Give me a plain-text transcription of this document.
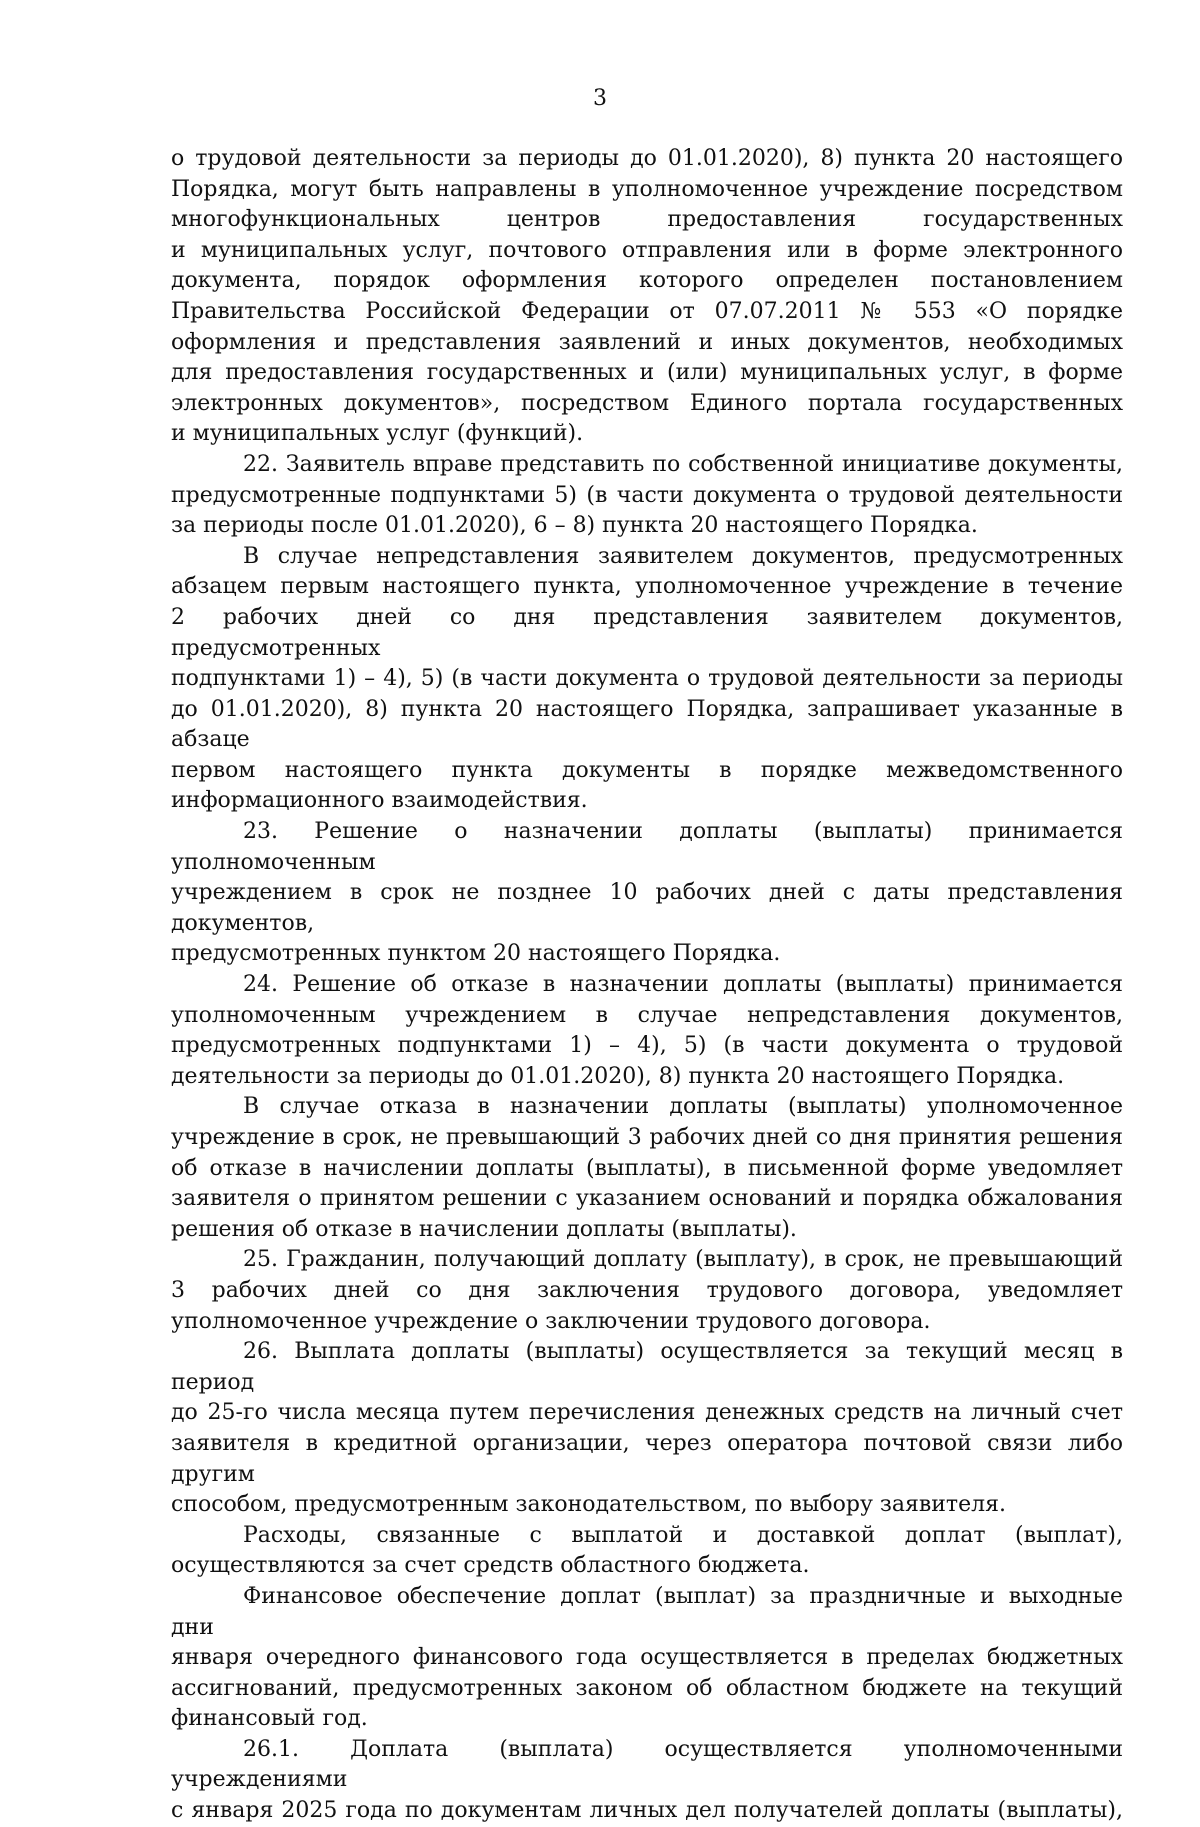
3
о трудовой деятельности за периоды до 01.01.2020), 8) пункта 20 настоящего
Порядка, могут быть направлены в уполномоченное учреждение посредством
многофункциональных центров предоставления государственных
и муниципальных услуг, почтового отправления или в форме электронного
документа, порядок оформления которого определен постановлением
Правительства Российской Федерации от 07.07.2011 № 553 «О порядке
оформления и представления заявлений и иных документов, необходимых
для предоставления государственных и (или) муниципальных услуг, в форме
электронных документов», посредством Единого портала государственных
и муниципальных услуг (функций).
22. Заявитель вправе представить по собственной инициативе документы,
предусмотренные подпунктами 5) (в части документа о трудовой деятельности
за периоды после 01.01.2020), 6 – 8) пункта 20 настоящего Порядка.
В случае непредставления заявителем документов, предусмотренных
абзацем первым настоящего пункта, уполномоченное учреждение в течение
2 рабочих дней со дня представления заявителем документов, предусмотренных
подпунктами 1) – 4), 5) (в части документа о трудовой деятельности за периоды
до 01.01.2020), 8) пункта 20 настоящего Порядка, запрашивает указанные в абзаце
первом настоящего пункта документы в порядке межведомственного
информационного взаимодействия.
23. Решение о назначении доплаты (выплаты) принимается уполномоченным
учреждением в срок не позднее 10 рабочих дней с даты представления документов,
предусмотренных пунктом 20 настоящего Порядка.
24. Решение об отказе в назначении доплаты (выплаты) принимается
уполномоченным учреждением в случае непредставления документов,
предусмотренных подпунктами 1) – 4), 5) (в части документа о трудовой
деятельности за периоды до 01.01.2020), 8) пункта 20 настоящего Порядка.
В случае отказа в назначении доплаты (выплаты) уполномоченное
учреждение в срок, не превышающий 3 рабочих дней со дня принятия решения
об отказе в начислении доплаты (выплаты), в письменной форме уведомляет
заявителя о принятом решении с указанием оснований и порядка обжалования
решения об отказе в начислении доплаты (выплаты).
25. Гражданин, получающий доплату (выплату), в срок, не превышающий
3 рабочих дней со дня заключения трудового договора, уведомляет
уполномоченное учреждение о заключении трудового договора.
26. Выплата доплаты (выплаты) осуществляется за текущий месяц в период
до 25-го числа месяца путем перечисления денежных средств на личный счет
заявителя в кредитной организации, через оператора почтовой связи либо другим
способом, предусмотренным законодательством, по выбору заявителя.
Расходы, связанные с выплатой и доставкой доплат (выплат),
осуществляются за счет средств областного бюджета.
Финансовое обеспечение доплат (выплат) за праздничные и выходные дни
января очередного финансового года осуществляется в пределах бюджетных
ассигнований, предусмотренных законом об областном бюджете на текущий
финансовый год.
26.1. Доплата (выплата) осуществляется уполномоченными учреждениями
с января 2025 года по документам личных дел получателей доплаты (выплаты),
